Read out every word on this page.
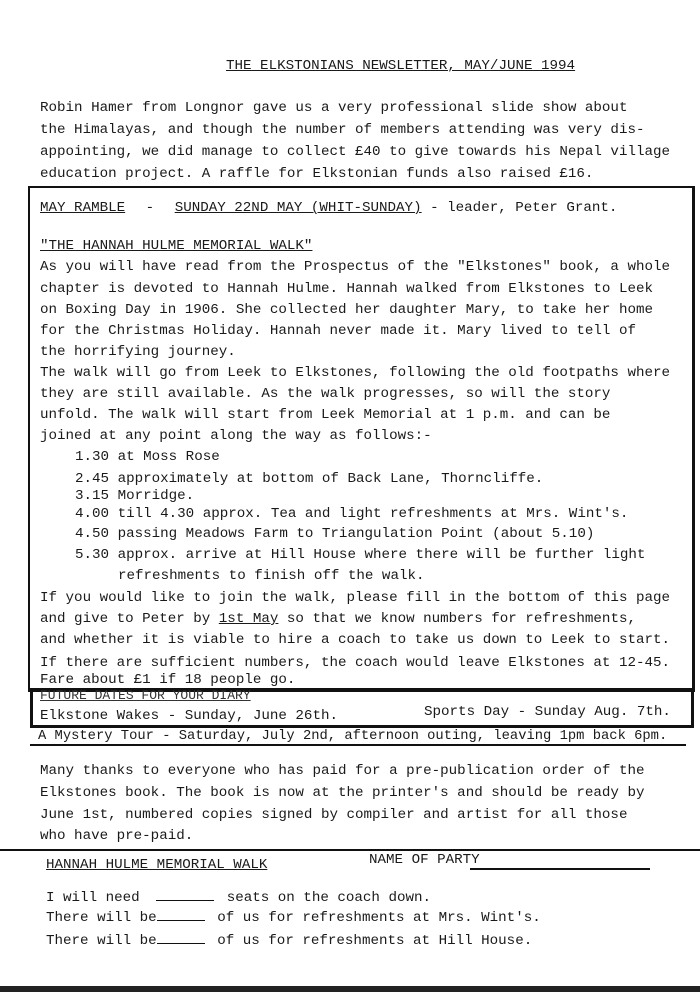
THE ELKSTONIANS NEWSLETTER, MAY/JUNE 1994
Robin Hamer from Longnor gave us a very professional slide show about
the Himalayas, and though the number of members attending was very dis-
appointing, we did manage to collect £40 to give towards his Nepal village
education project. A raffle for Elkstonian funds also raised £16.
MAY RAMBLE - SUNDAY 22ND MAY (WHIT-SUNDAY) - leader, Peter Grant.
"THE HANNAH HULME MEMORIAL WALK"
As you will have read from the Prospectus of the "Elkstones" book, a whole
chapter is devoted to Hannah Hulme. Hannah walked from Elkstones to Leek
on Boxing Day in 1906. She collected her daughter Mary, to take her home
for the Christmas Holiday. Hannah never made it. Mary lived to tell of
the horrifying journey.
The walk will go from Leek to Elkstones, following the old footpaths where
they are still available. As the walk progresses, so will the story
unfold. The walk will start from Leek Memorial at 1 p.m. and can be
joined at any point along the way as follows:-
1.30 at Moss Rose
2.45 approximately at bottom of Back Lane, Thorncliffe.
3.15 Morridge.
4.00 till 4.30 approx. Tea and light refreshments at Mrs. Wint's.
4.50 passing Meadows Farm to Triangulation Point (about 5.10)
5.30 approx. arrive at Hill House where there will be further light
refreshments to finish off the walk.
If you would like to join the walk, please fill in the bottom of this page
and give to Peter by 1st May so that we know numbers for refreshments,
and whether it is viable to hire a coach to take us down to Leek to start.
If there are sufficient numbers, the coach would leave Elkstones at 12-45.
Fare about £1 if 18 people go.
FUTURE DATES FOR YOUR DIARY
Elkstone Wakes - Sunday, June 26th.	Sports Day - Sunday Aug. 7th.
A Mystery Tour - Saturday, July 2nd, afternoon outing, leaving 1pm back 6pm.
Many thanks to everyone who has paid for a pre-publication order of the
Elkstones book. The book is now at the printer's and should be ready by
June 1st, numbered copies signed by compiler and artist for all those
who have pre-paid.
HANNAH HULME MEMORIAL WALK	NAME OF PARTY
I will need	seats on the coach down.
There will be	of us for refreshments at Mrs. Wint's.
There will be	of us for refreshments at Hill House.
